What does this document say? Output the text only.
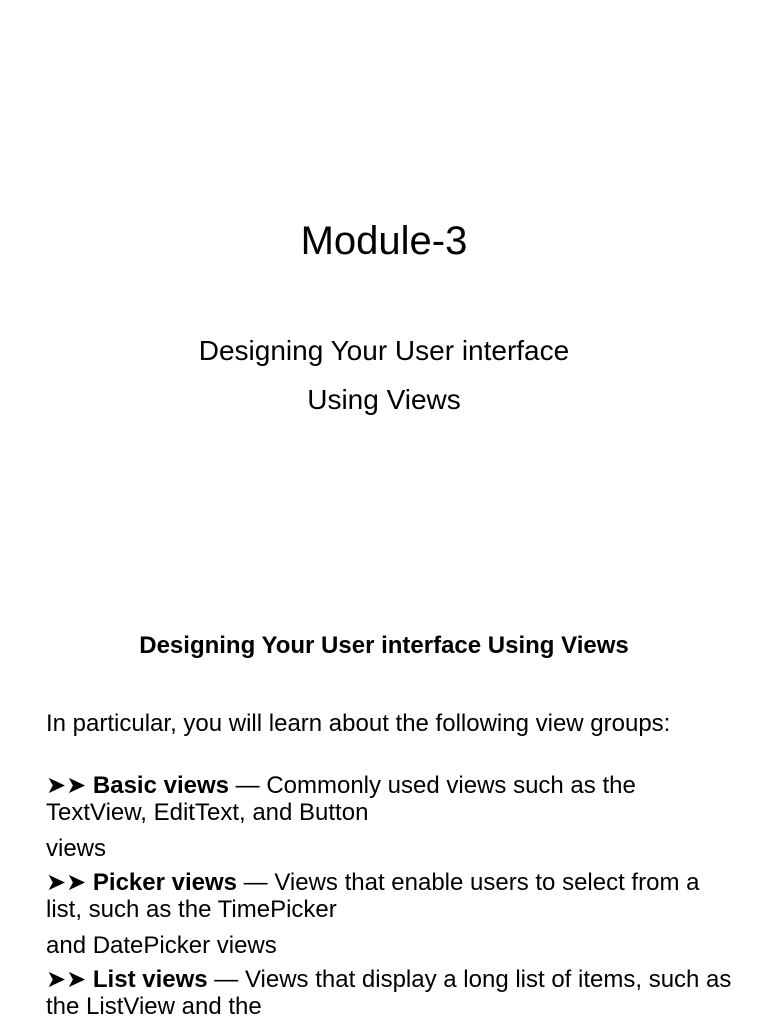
Module-3
Designing Your User interface
Using Views
Designing Your User interface Using Views

In particular, you will learn about the following view groups:

➤➤ Basic views — Commonly used views such as the TextView, EditText, and Button

views

➤➤ Picker views — Views that enable users to select from a list, such as the TimePicker

and DatePicker views

➤➤ List views — Views that display a long list of items, such as the ListView and the
